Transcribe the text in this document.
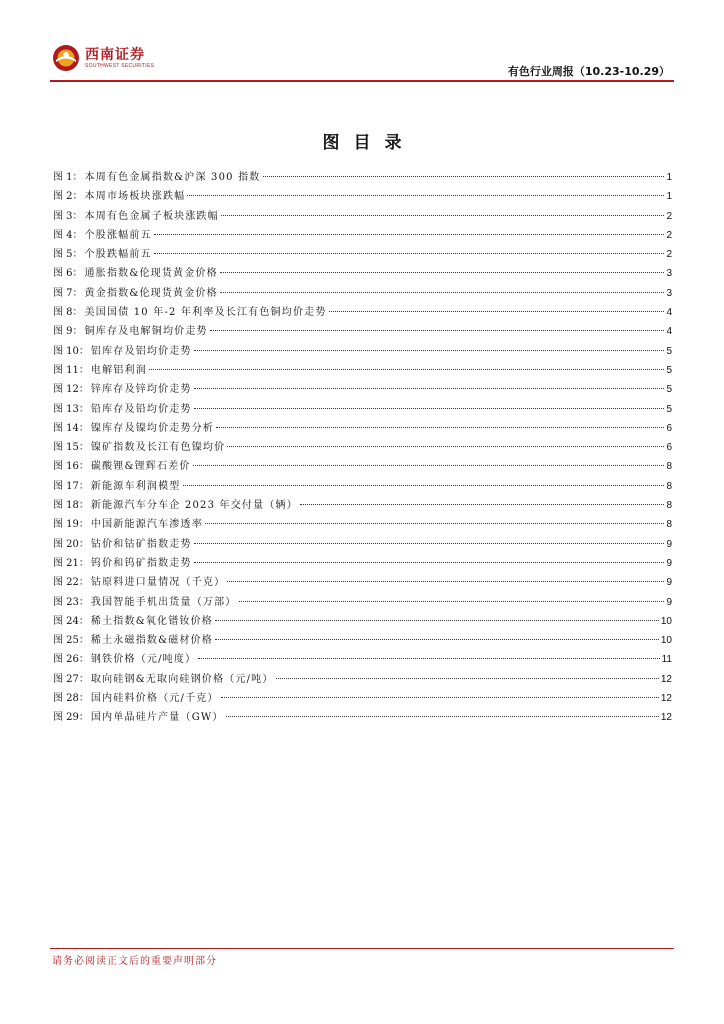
西南证券
SOUTHWEST SECURITIES	有色行业周报（10.23-10.29）
图目录
图 1： 本周有色金属指数&沪深 300 指数	1
图 2： 本周市场板块涨跌幅	1
图 3： 本周有色金属子板块涨跌幅	2
图 4： 个股涨幅前五	2
图 5： 个股跌幅前五	2
图 6： 通胀指数&伦现货黄金价格	3
图 7： 黄金指数&伦现货黄金价格	3
图 8： 美国国债 10 年-2 年利率及长江有色铜均价走势	4
图 9： 铜库存及电解铜均价走势	4
图 10： 铝库存及铝均价走势	5
图 11： 电解铝利润	5
图 12： 锌库存及锌均价走势	5
图 13： 铅库存及铅均价走势	5
图 14： 镍库存及镍均价走势分析	6
图 15： 镍矿指数及长江有色镍均价	6
图 16： 碳酸锂&锂辉石差价	8
图 17： 新能源车利润模型	8
图 18： 新能源汽车分车企 2023 年交付量（辆）	8
图 19： 中国新能源汽车渗透率	8
图 20： 钴价和钴矿指数走势	9
图 21： 钨价和钨矿指数走势	9
图 22： 钴原料进口量情况（千克）	9
图 23： 我国智能手机出货量（万部）	9
图 24： 稀土指数&氧化镨钕价格	10
图 25： 稀土永磁指数&磁材价格	10
图 26： 钢铁价格（元/吨度）	11
图 27： 取向硅钢&无取向硅钢价格（元/吨）	12
图 28： 国内硅料价格（元/千克）	12
图 29： 国内单晶硅片产量（GW）	12
请务必阅读正文后的重要声明部分
